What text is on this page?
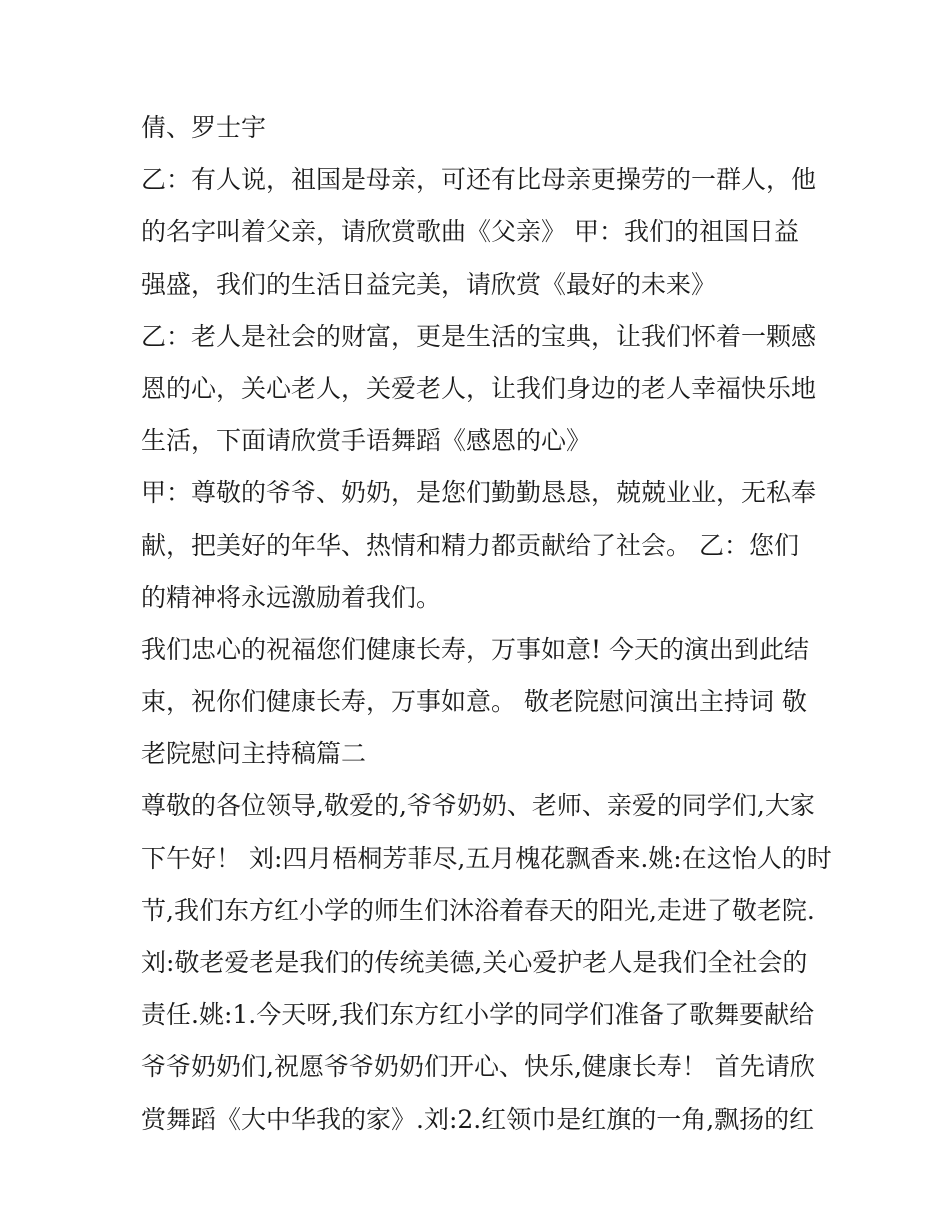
倩、罗士宇
乙：有人说，祖国是母亲，可还有比母亲更操劳的一群人，他
的名字叫着父亲，请欣赏歌曲《父亲》 甲：我们的祖国日益
强盛，我们的生活日益完美，请欣赏《最好的未来》
乙：老人是社会的财富，更是生活的宝典，让我们怀着一颗感
恩的心，关心老人，关爱老人，让我们身边的老人幸福快乐地
生活，下面请欣赏手语舞蹈《感恩的心》
甲：尊敬的爷爷、奶奶，是您们勤勤恳恳，兢兢业业，无私奉
献，把美好的年华、热情和精力都贡献给了社会。 乙：您们
的精神将永远激励着我们。
我们忠心的祝福您们健康长寿，万事如意! 今天的演出到此结
束，祝你们健康长寿，万事如意。 敬老院慰问演出主持词 敬
老院慰问主持稿篇二
尊敬的各位领导,敬爱的,爷爷奶奶、老师、亲爱的同学们,大家
下午好！ 刘:四月梧桐芳菲尽,五月槐花飘香来.姚:在这怡人的时
节,我们东方红小学的师生们沐浴着春天的阳光,走进了敬老院.
刘:敬老爱老是我们的传统美德,关心爱护老人是我们全社会的
责任.姚:1.今天呀,我们东方红小学的同学们准备了歌舞要献给
爷爷奶奶们,祝愿爷爷奶奶们开心、快乐,健康长寿！ 首先请欣
赏舞蹈《大中华我的家》.刘:2.红领巾是红旗的一角,飘扬的红
